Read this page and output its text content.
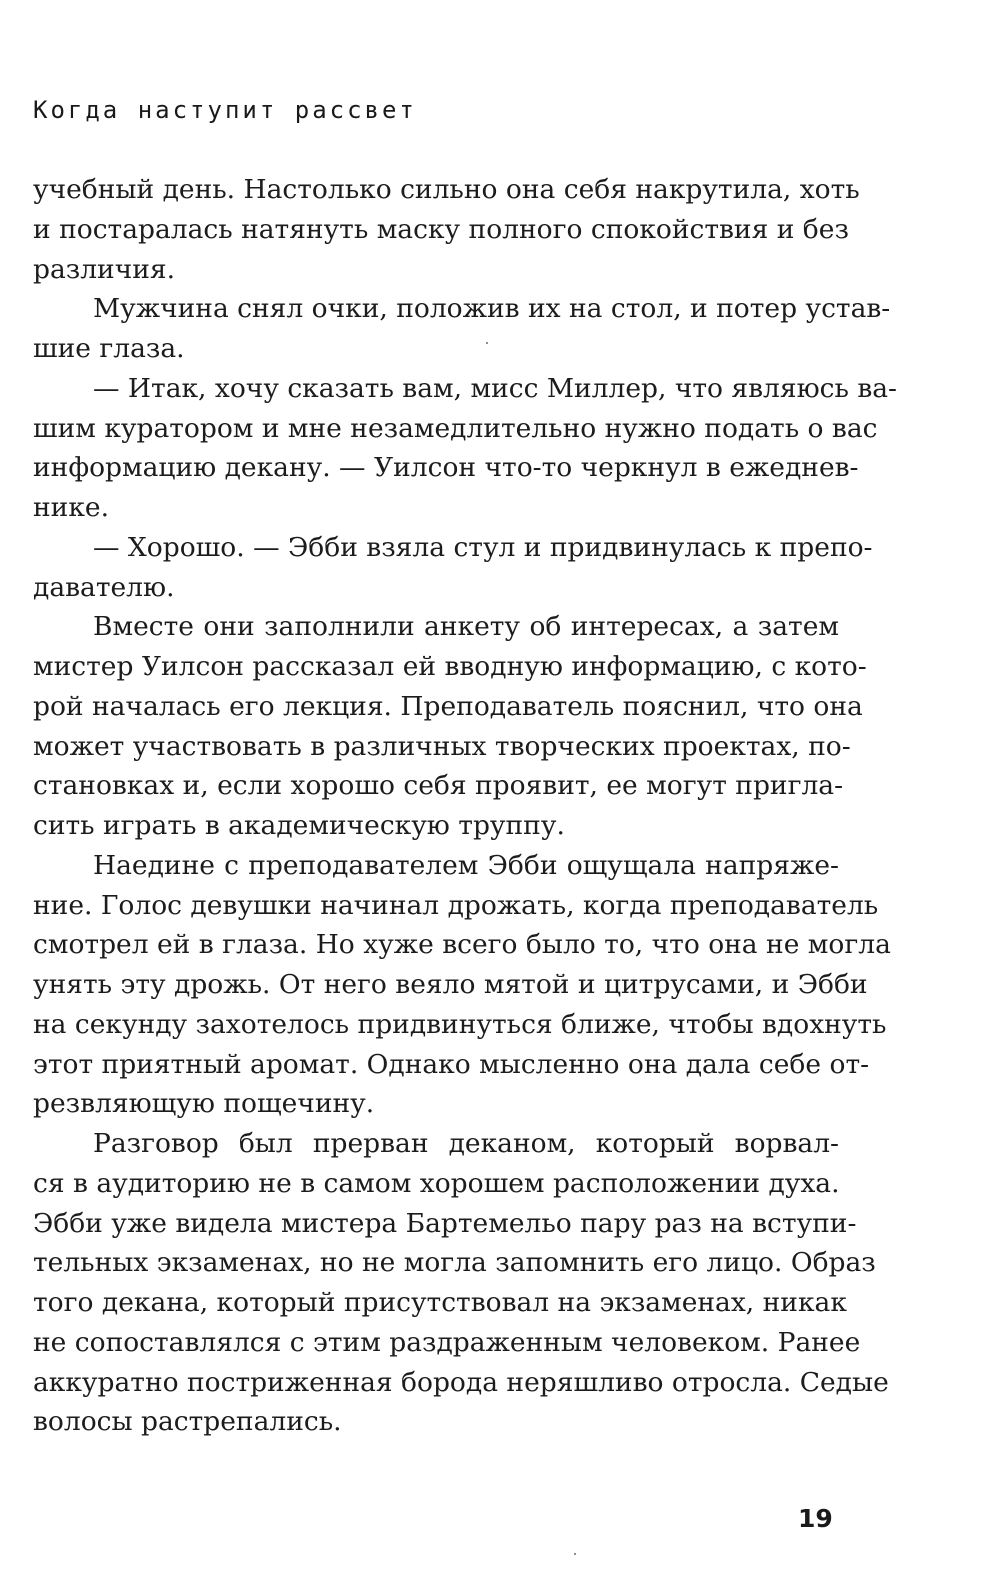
Когда наступит рассвет
учебный день. Настолько сильно она себя накрутила, хоть
и постаралась натянуть маску полного спокойствия и без
различия.
Мужчина снял очки, положив их на стол, и потер устав-
шие глаза.
— Итак, хочу сказать вам, мисс Миллер, что являюсь ва-
шим куратором и мне незамедлительно нужно подать о вас
информацию декану. — Уилсон что-то черкнул в ежеднев-
нике.
— Хорошо. — Эбби взяла стул и придвинулась к препо-
давателю.
Вместе они заполнили анкету об интересах, а затем
мистер Уилсон рассказал ей вводную информацию, с кото-
рой началась его лекция. Преподаватель пояснил, что она
может участвовать в различных творческих проектах, по-
становках и, если хорошо себя проявит, ее могут пригла-
сить играть в академическую труппу.
Наедине с преподавателем Эбби ощущала напряже-
ние. Голос девушки начинал дрожать, когда преподаватель
смотрел ей в глаза. Но хуже всего было то, что она не могла
унять эту дрожь. От него веяло мятой и цитрусами, и Эбби
на секунду захотелось придвинуться ближе, чтобы вдохнуть
этот приятный аромат. Однако мысленно она дала себе от-
резвляющую пощечину.
Разговор был прерван деканом, который ворвал-
ся в аудиторию не в самом хорошем расположении духа.
Эбби уже видела мистера Бартемельо пару раз на вступи-
тельных экзаменах, но не могла запомнить его лицо. Образ
того декана, который присутствовал на экзаменах, никак
не сопоставлялся с этим раздраженным человеком. Ранее
аккуратно постриженная борода неряшливо отросла. Седые
волосы растрепались.
19
